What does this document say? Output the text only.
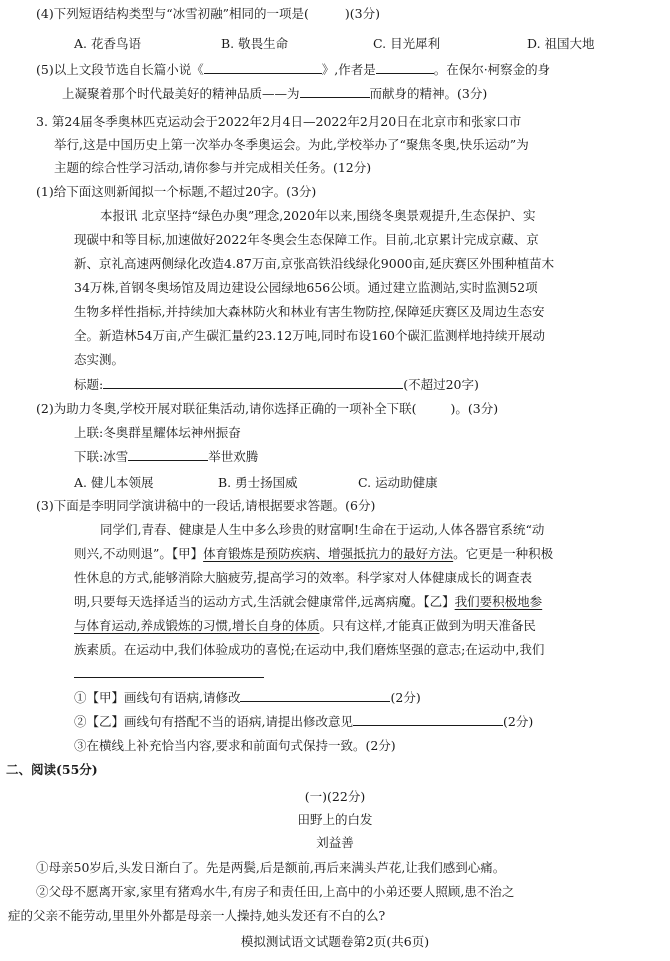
(4)下列短语结构类型与“冰雪初融”相同的一项是(	)(3分)
A. 花香鸟语	B. 敬畏生命	C. 目光犀利	D. 祖国大地
(5)以上文段节选自长篇小说《	》,作者是	。在保尔·柯察金的身
上凝聚着那个时代最美好的精神品质——为	而献身的精神。(3分)
3. 第24届冬季奥林匹克运动会于2022年2月4日—2022年2月20日在北京市和张家口市
举行,这是中国历史上第一次举办冬季奥运会。为此,学校举办了“聚焦冬奥,快乐运动”为
主题的综合性学习活动,请你参与并完成相关任务。(12分)
(1)给下面这则新闻拟一个标题,不超过20字。(3分)
本报讯 北京坚持“绿色办奥”理念,2020年以来,围绕冬奥景观提升,生态保护、实
现碳中和等目标,加速做好2022年冬奥会生态保障工作。目前,北京累计完成京藏、京
新、京礼高速两侧绿化改造4.87万亩,京张高铁沿线绿化9000亩,延庆赛区外围种植苗木
34万株,首钢冬奥场馆及周边建设公园绿地656公顷。通过建立监测站,实时监测52项
生物多样性指标,并持续加大森林防火和林业有害生物防控,保障延庆赛区及周边生态安
全。新造林54万亩,产生碳汇量约23.12万吨,同时布设160个碳汇监测样地持续开展动
态实测。
标题:	(不超过20字)
(2)为助力冬奥,学校开展对联征集活动,请你选择正确的一项补全下联(	)。(3分)
上联:冬奥群星耀体坛神州振奋
下联:冰雪	举世欢腾
A. 健儿本领展	B. 勇士扬国威	C. 运动助健康
(3)下面是李明同学演讲稿中的一段话,请根据要求答题。(6分)
同学们,青春、健康是人生中多么珍贵的财富啊!生命在于运动,人体各器官系统“动
则兴,不动则退”。【甲】体育锻炼是预防疾病、增强抵抗力的最好方法。它更是一种积极
性休息的方式,能够消除大脑疲劳,提高学习的效率。科学家对人体健康成长的调查表
明,只要每天选择适当的运动方式,生活就会健康常伴,远离病魔。【乙】我们要积极地参
与体育运动,养成锻炼的习惯,增长自身的体质。只有这样,才能真正做到为明天准备民
族素质。在运动中,我们体验成功的喜悦;在运动中,我们磨炼坚强的意志;在运动中,我们
①【甲】画线句有语病,请修改	(2分)
②【乙】画线句有搭配不当的语病,请提出修改意见	(2分)
③在横线上补充恰当内容,要求和前面句式保持一致。(2分)
二、阅读(55分)
(一)(22分)
田野上的白发
刘益善
①母亲50岁后,头发日渐白了。先是两鬓,后是额前,再后来满头芦花,让我们感到心痛。
②父母不愿离开家,家里有猪鸡水牛,有房子和责任田,上高中的小弟还要人照顾,患不治之
症的父亲不能劳动,里里外外都是母亲一人操持,她头发还有不白的么?
模拟测试语文试题卷第2页(共6页)
